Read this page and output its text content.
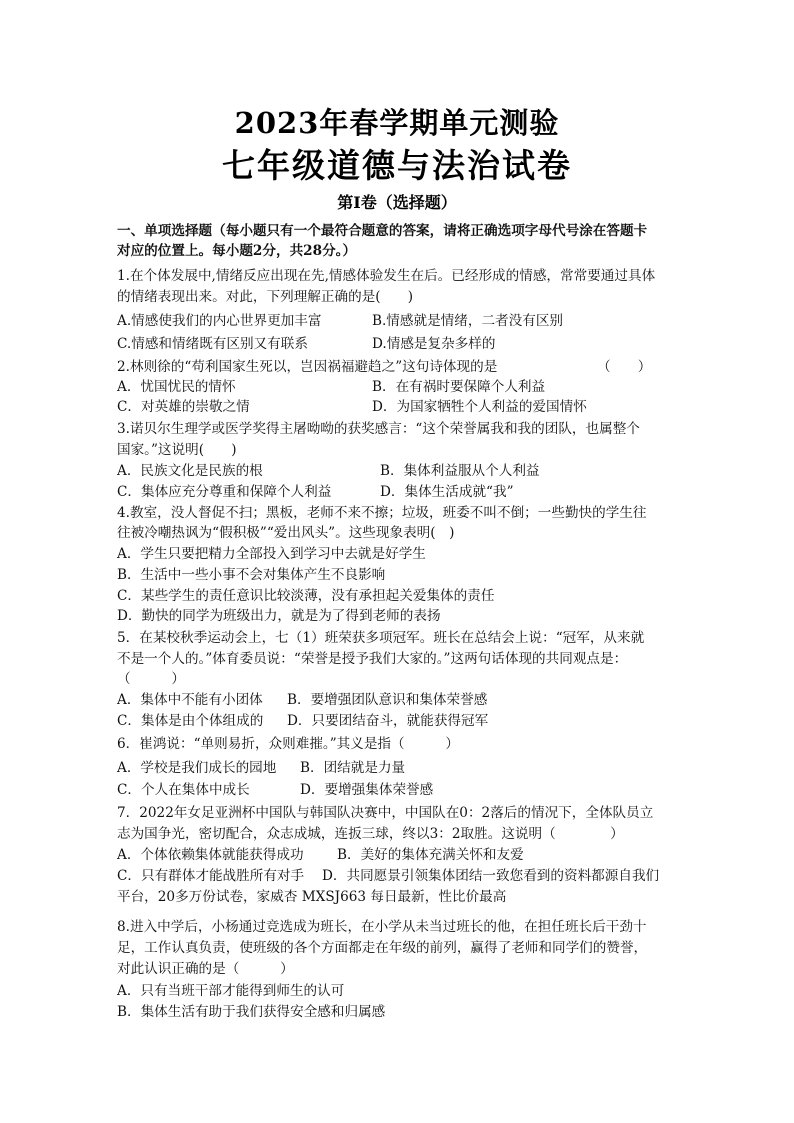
2023年春学期单元测验
七年级道德与法治试卷
第Ⅰ卷（选择题）
一、单项选择题（每小题只有一个最符合题意的答案，请将正确选项字母代号涂在答题卡
对应的位置上。每小题2分，共28分。）
1.在个体发展中,情绪反应出现在先,情感体验发生在后。已经形成的情感，常常要通过具体
的情绪表现出来。对此，下列理解正确的是(　　)
A.情感使我们的内心世界更加丰富	B.情感就是情绪，二者没有区别
C.情感和情绪既有区别又有联系	D.情感是复杂多样的
2.林则徐的“苟利国家生死以，岂因祸福避趋之”这句诗体现的是	（　　）
A．忧国忧民的情怀	B．在有祸时要保障个人利益
C．对英雄的崇敬之情	D．为国家牺牲个人利益的爱国情怀
3.诺贝尔生理学或医学奖得主屠呦呦的获奖感言：“这个荣誉属我和我的团队，也属整个
国家。”这说明(　　)
A．民族文化是民族的根	B．集体利益服从个人利益
C．集体应充分尊重和保障个人利益	D．集体生活成就“我”
4.教室，没人督促不扫；黑板，老师不来不擦；垃圾，班委不叫不倒；一些勤快的学生往
往被冷嘲热讽为“假积极”“爱出风头”。这些现象表明(　)
A．学生只要把精力全部投入到学习中去就是好学生
B．生活中一些小事不会对集体产生不良影响
C．某些学生的责任意识比较淡薄，没有承担起关爱集体的责任
D．勤快的同学为班级出力，就是为了得到老师的表扬
5．在某校秋季运动会上，七（1）班荣获多项冠军。班长在总结会上说：“冠军，从来就
不是一个人的。”体育委员说：“荣誉是授予我们大家的。”这两句话体现的共同观点是：
（　　　）
A．集体中不能有小团体 B．要增强团队意识和集体荣誉感
C．集体是由个体组成的 D．只要团结奋斗，就能获得冠军
6．崔鸿说：“单则易折，众则难摧。”其义是指（　　　）
A．学校是我们成长的园地 B．团结就是力量
C．个人在集体中成长	D．要增强集体荣誉感
7．2022年女足亚洲杯中国队与韩国队决赛中，中国队在0：2落后的情况下，全体队员立
志为国争光，密切配合，众志成城，连扳三球，终以3：2取胜。这说明（　　　　）
A．个体依赖集体就能获得成功 B．美好的集体充满关怀和友爱
C．只有群体才能战胜所有对手 D．共同愿景引领集体团结一致您看到的资料都源自我们
平台，20多万份试卷，家威杏 MXSJ663 每日最新，性比价最高
8.进入中学后，小杨通过竞选成为班长，在小学从未当过班长的他，在担任班长后干劲十
足，工作认真负责，使班级的各个方面都走在年级的前列，赢得了老师和同学们的赞誉，
对此认识正确的是（　　　）
A．只有当班干部才能得到师生的认可
B．集体生活有助于我们获得安全感和归属感
